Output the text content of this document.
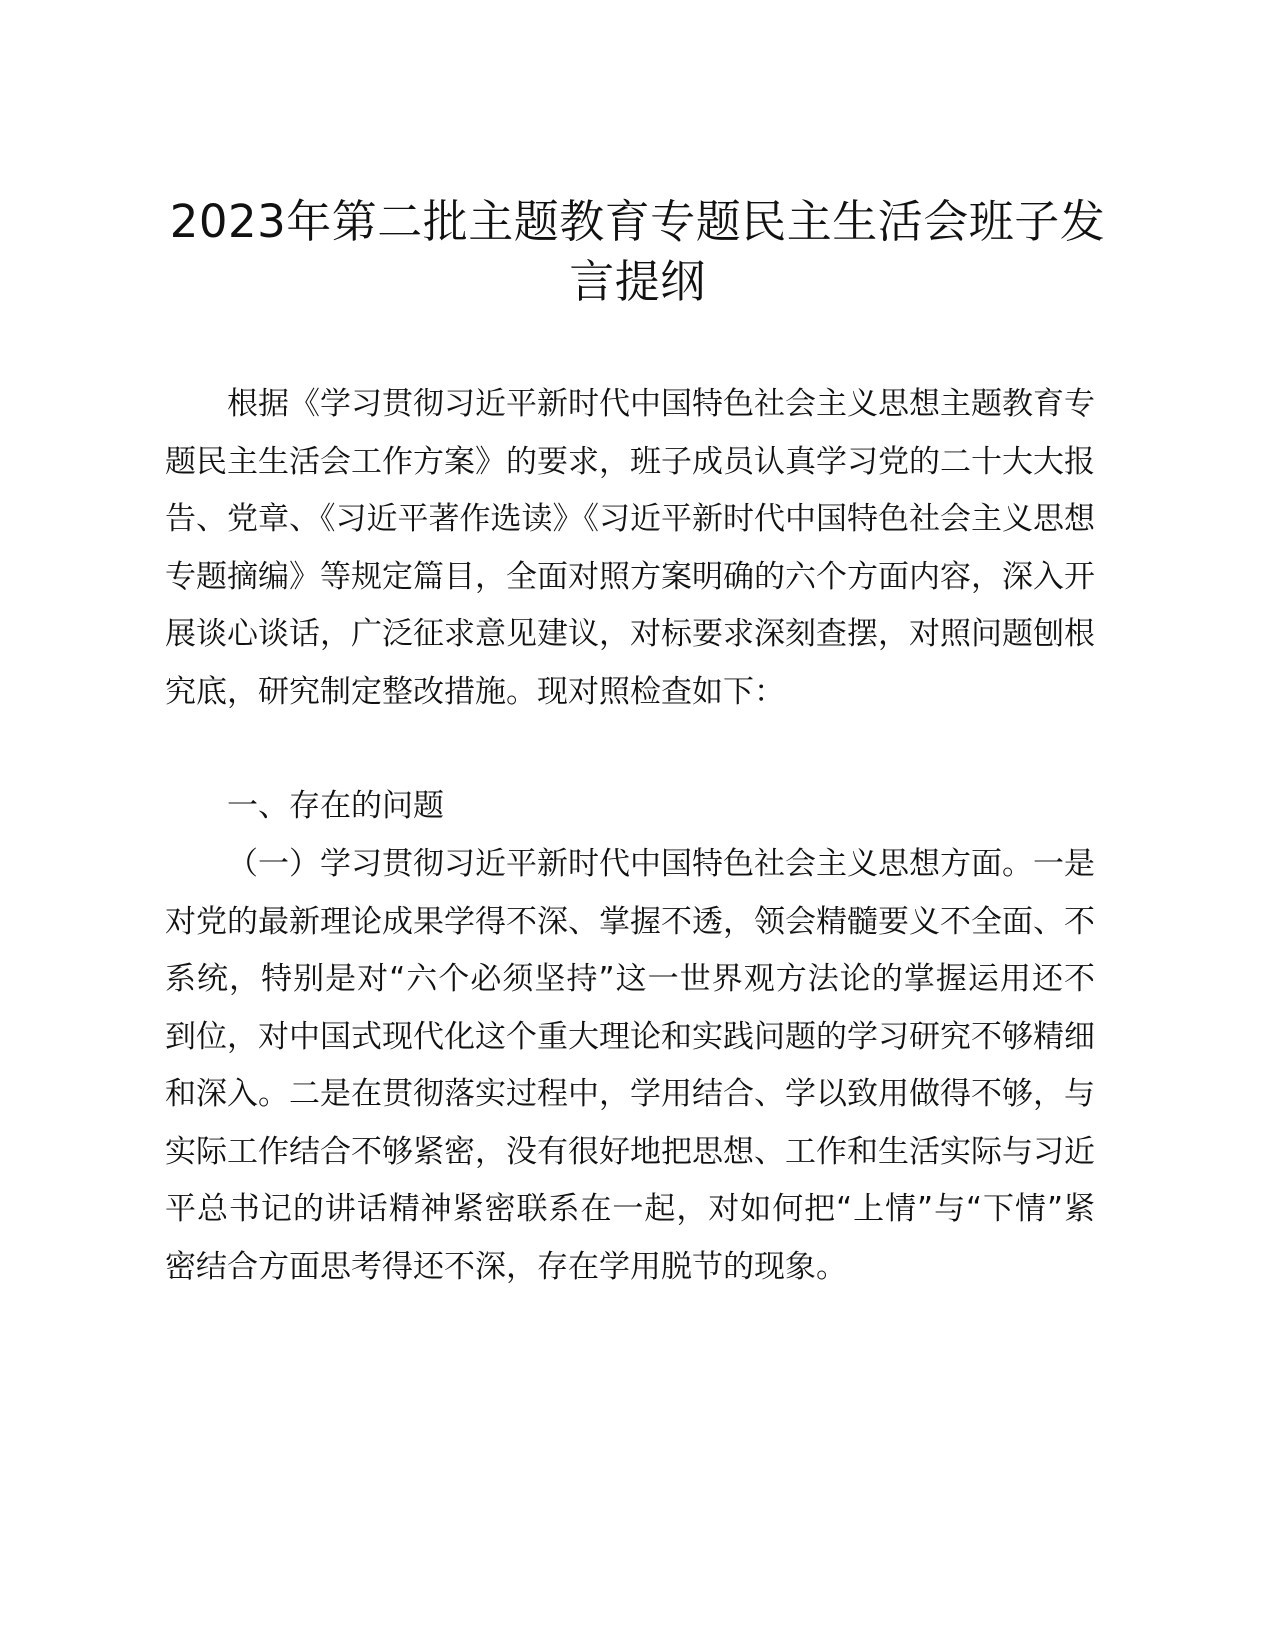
2023年第二批主题教育专题民主生活会班子发言提纲

根据《学习贯彻习近平新时代中国特色社会主义思想主题教育专题民主生活会工作方案》的要求，班子成员认真学习党的二十大大报告、党章、《习近平著作选读》《习近平新时代中国特色社会主义思想专题摘编》等规定篇目，全面对照方案明确的六个方面内容，深入开展谈心谈话，广泛征求意见建议，对标要求深刻查摆，对照问题刨根究底，研究制定整改措施。现对照检查如下：

一、存在的问题

（一）学习贯彻习近平新时代中国特色社会主义思想方面。一是对党的最新理论成果学得不深、掌握不透，领会精髓要义不全面、不系统，特别是对“六个必须坚持”这一世界观方法论的掌握运用还不到位，对中国式现代化这个重大理论和实践问题的学习研究不够精细和深入。二是在贯彻落实过程中，学用结合、学以致用做得不够，与实际工作结合不够紧密，没有很好地把思想、工作和生活实际与习近平总书记的讲话精神紧密联系在一起，对如何把“上情”与“下情”紧密结合方面思考得还不深，存在学用脱节的现象。
